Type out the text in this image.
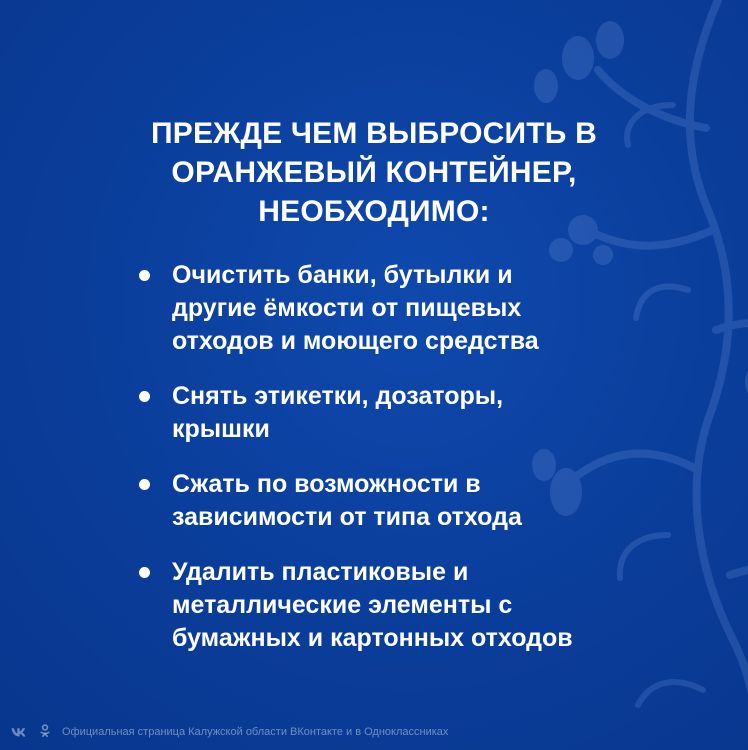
ПРЕЖДЕ ЧЕМ ВЫБРОСИТЬ В
ОРАНЖЕВЫЙ КОНТЕЙНЕР,
НЕОБХОДИМО:
Очистить банки, бутылки и
другие ёмкости от пищевых
отходов и моющего средства
Снять этикетки, дозаторы,
крышки
Сжать по возможности в
зависимости от типа отхода
Удалить пластиковые и
металлические элементы с
бумажных и картонных отходов
Официальная страница Калужской области ВКонтакте и в Одноклассниках
